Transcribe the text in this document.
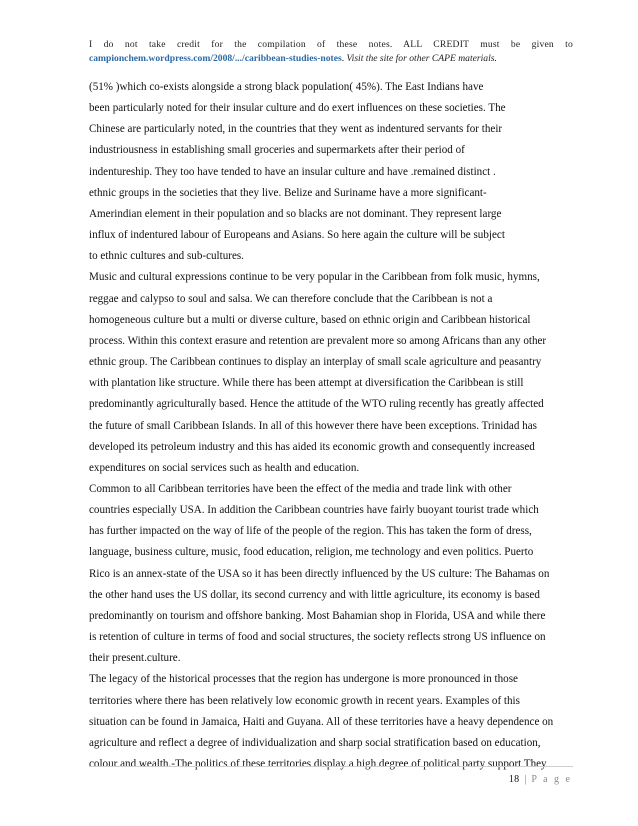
I do not take credit for the compilation of these notes. ALL CREDIT must be given to
campionchem.wordpress.com/2008/.../caribbean-studies-notes. Visit the site for other CAPE materials.
(51% )which co-exists alongside a strong black population( 45%). The East Indians have
been particularly noted for their insular culture and do exert influences on these societies. The
Chinese are particularly noted, in the countries that they went as indentured servants for their
industriousness in establishing small groceries and supermarkets after their period of
indentureship. They too have tended to have an insular culture and have .remained distinct .
ethnic groups in the societies that they live. Belize and Suriname have a more significant-
Amerindian element in their population and so blacks are not dominant. They represent large
influx of indentured labour of Europeans and Asians. So here again the culture will be subject
to ethnic cultures and sub-cultures.
Music and cultural expressions continue to be very popular in the Caribbean from folk music, hymns,
reggae and calypso to soul and salsa. We can therefore conclude that the Caribbean is not a
homogeneous culture but a multi or diverse culture, based on ethnic origin and Caribbean historical
process. Within this context erasure and retention are prevalent more so among Africans than any other
ethnic group. The Caribbean continues to display an interplay of small scale agriculture and peasantry
with plantation like structure. While there has been attempt at diversification the Caribbean is still
predominantly agriculturally based. Hence the attitude of the WTO ruling recently has greatly affected
the future of small Caribbean Islands. In all of this however there have been exceptions. Trinidad has
developed its petroleum industry and this has aided its economic growth and consequently increased
expenditures on social services such as health and education.
Common to all Caribbean territories have been the effect of the media and trade link with other
countries especially USA. In addition the Caribbean countries have fairly buoyant tourist trade which
has further impacted on the way of life of the people of the region. This has taken the form of dress,
language, business culture, music, food education, religion, me technology and even politics. Puerto
Rico is an annex-state of the USA so it has been directly influenced by the US culture: The Bahamas on
the other hand uses the US dollar, its second currency and with little agriculture, its economy is based
predominantly on tourism and offshore banking. Most Bahamian shop in Florida, USA and while there
is retention of culture in terms of food and social structures, the society reflects strong US influence on
their present.culture.
The legacy of the historical processes that the region has undergone is more pronounced in those
territories where there has been relatively low economic growth in recent years. Examples of this
situation can be found in Jamaica, Haiti and Guyana. All of these territories have a heavy dependence on
agriculture and reflect a degree of individualization and sharp social stratification based on education,
colour and wealth.-The politics of these territories display a high degree of political party support They
18 | P a g e
